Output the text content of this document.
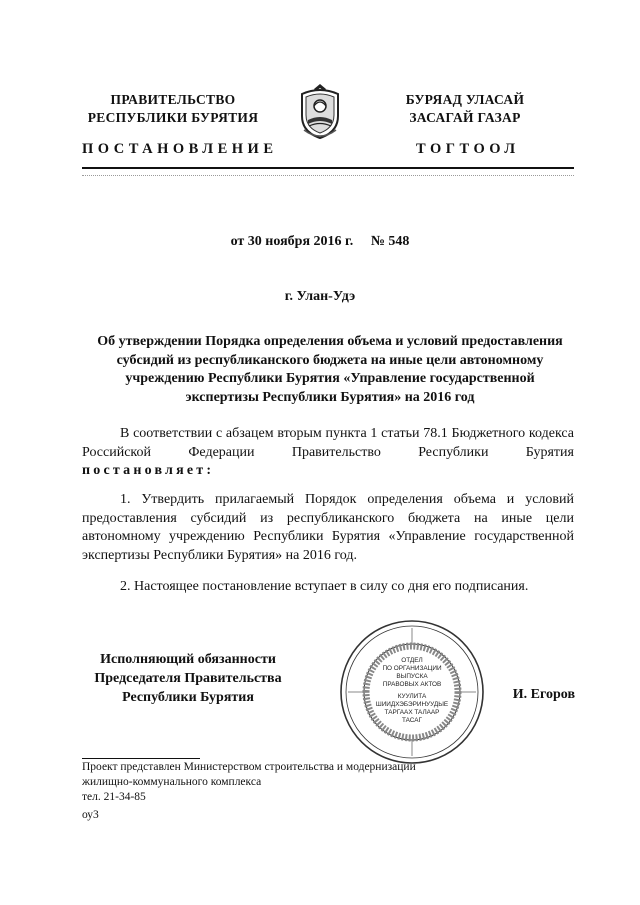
ПРАВИТЕЛЬСТВО
РЕСПУБЛИКИ БУРЯТИЯ
БУРЯАД УЛАСАЙ
ЗАСАГАЙ ГАЗАР
ПОСТАНОВЛЕНИЕ	ТОГТООЛ
от 30 ноября 2016 г. № 548
г. Улан-Удэ
Об утверждении Порядка определения объема и условий предоставления субсидий из республиканского бюджета на иные цели автономному учреждению Республики Бурятия «Управление государственной экспертизы Республики Бурятия» на 2016 год
В соответствии с абзацем вторым пункта 1 статьи 78.1 Бюджетного кодекса Российской Федерации Правительство Республики Бурятия постановляет:
1. Утвердить прилагаемый Порядок определения объема и условий предоставления субсидий из республиканского бюджета на иные цели автономному учреждению Республики Бурятия «Управление государственной экспертизы Республики Бурятия» на 2016 год.
2. Настоящее постановление вступает в силу со дня его подписания.
Исполняющий обязанности
Председателя Правительства
Республики Бурятия	И. Егоров
ОТДЕЛ
ПО ОРГАНИЗАЦИИ
ВЫПУСКА
ПРАВОВЫХ АКТОВ
КУУЛИТА
ШИИДХЭБЭРИНУУДЫЕ
ТАРГААХ ТАЛААР
ТАСАГ
Проект представлен Министерством строительства и модернизации
жилищно-коммунального комплекса
тел. 21-34-85
оу3
